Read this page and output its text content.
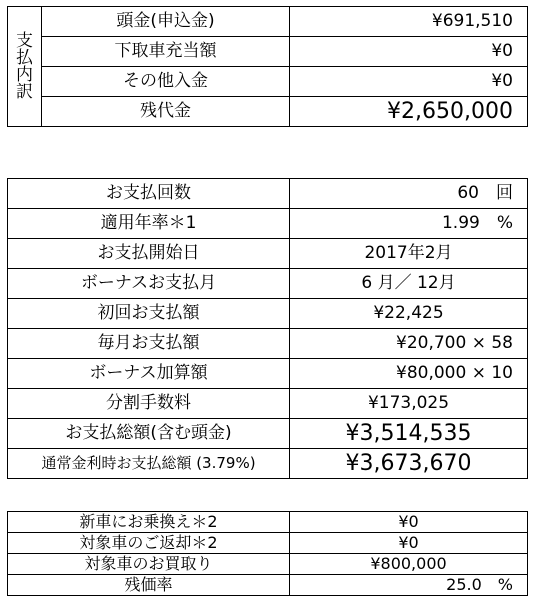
支
払
内
訳	頭金(申込金)	¥691,510
	下取車充当額	¥0
	その他入金	¥0
	残代金	¥2,650,000
お支払回数	60　回
適用年率＊1	1.99　%
お支払開始日	2017年2月
ボーナスお支払月	6 月／ 12月
初回お支払額	¥22,425
毎月お支払額	¥20,700 × 58
ボーナス加算額	¥80,000 × 10
分割手数料	¥173,025
お支払総額(含む頭金)	¥3,514,535
通常金利時お支払総額 (3.79%)	¥3,673,670
新車にお乗換え＊2	¥0
対象車のご返却＊2	¥0
対象車のお買取り	¥800,000
残価率	25.0　%
